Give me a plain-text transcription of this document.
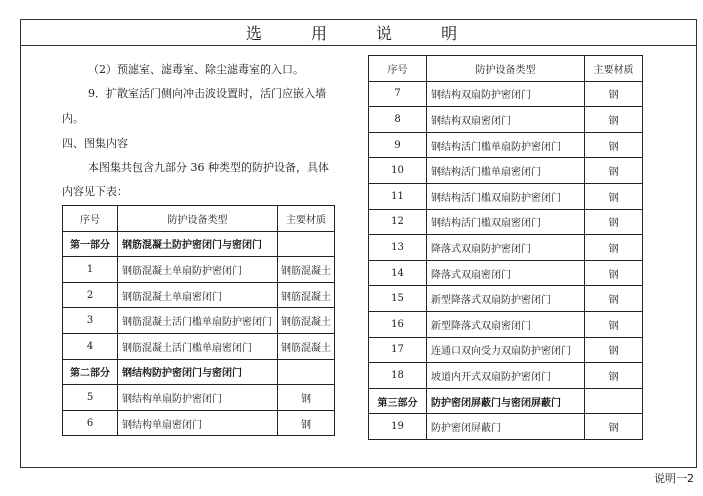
选 用 说 明
（2）预滤室、滤毒室、除尘滤毒室的入口。
9．扩散室活门侧向冲击波设置时，活门应嵌入墙
内。
四、图集内容
本图集共包含九部分 36 种类型的防护设备，具体
内容见下表：
序号	防护设备类型	主要材质
第一部分	钢筋混凝土防护密闭门与密闭门	
1	钢筋混凝土单扇防护密闭门	钢筋混凝土
2	钢筋混凝土单扇密闭门	钢筋混凝土
3	钢筋混凝土活门槛单扇防护密闭门	钢筋混凝土
4	钢筋混凝土活门槛单扇密闭门	钢筋混凝土
第二部分	钢结构防护密闭门与密闭门	
5	钢结构单扇防护密闭门	钢
6	钢结构单扇密闭门	钢
序号	防护设备类型	主要材质
7	钢结构双扇防护密闭门	钢
8	钢结构双扇密闭门	钢
9	钢结构活门槛单扇防护密闭门	钢
10	钢结构活门槛单扇密闭门	钢
11	钢结构活门槛双扇防护密闭门	钢
12	钢结构活门槛双扇密闭门	钢
13	降落式双扇防护密闭门	钢
14	降落式双扇密闭门	钢
15	新型降落式双扇防护密闭门	钢
16	新型降落式双扇密闭门	钢
17	连通口双向受力双扇防护密闭门	钢
18	坡道内开式双扇防护密闭门	钢
第三部分	防护密闭屏蔽门与密闭屏蔽门	
19	防护密闭屏蔽门	钢
说明一2
